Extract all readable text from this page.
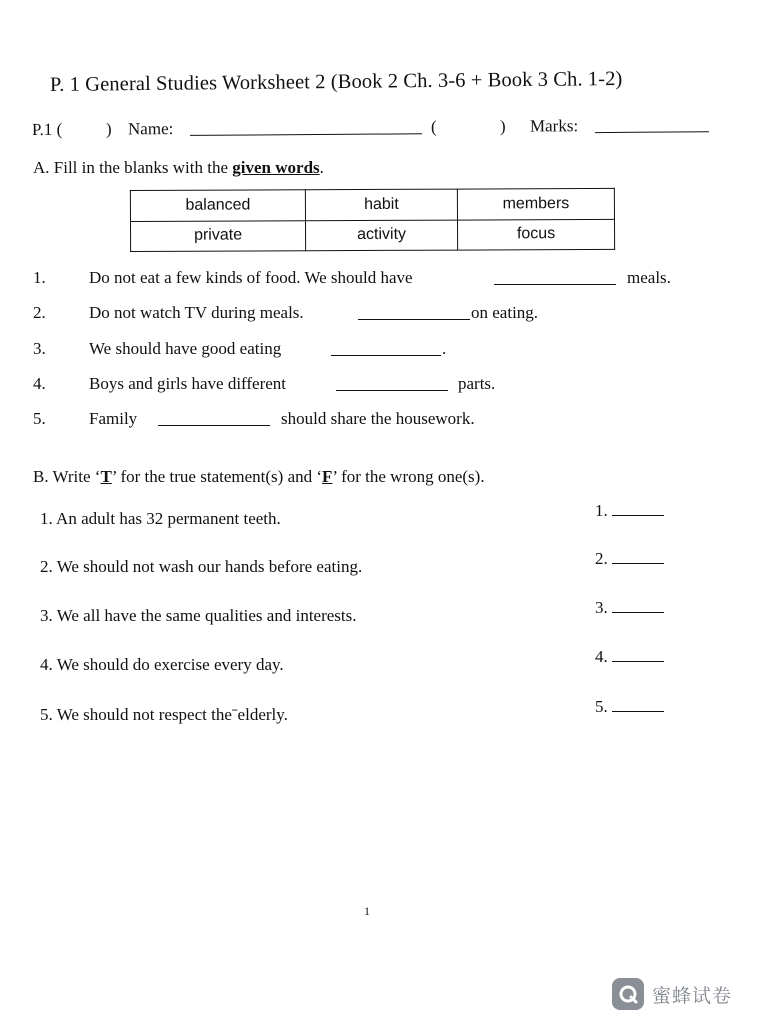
P. 1 General Studies Worksheet 2 (Book 2 Ch. 3-6 + Book 3 Ch. 1-2)
P.1 (	) Name:	(	) Marks:
A. Fill in the blanks with the given words.
balanced	habit	members
private	activity	focus
1.	Do not eat a few kinds of food. We should have	meals.
2.	Do not watch TV during meals.	on eating.
3.	We should have good eating	.
4.	Boys and girls have different	parts.
5.	Family	should share the housework.
B. Write ‘T’ for the true statement(s) and ‘F’ for the wrong one(s).
1. An adult has 32 permanent teeth.	1.
2. We should not wash our hands before eating.	2.
3. We all have the same qualities and interests.	3.
4. We should do exercise every day.	4.
5. We should not respect theˉelderly.	5.
1
蜜蜂试卷
